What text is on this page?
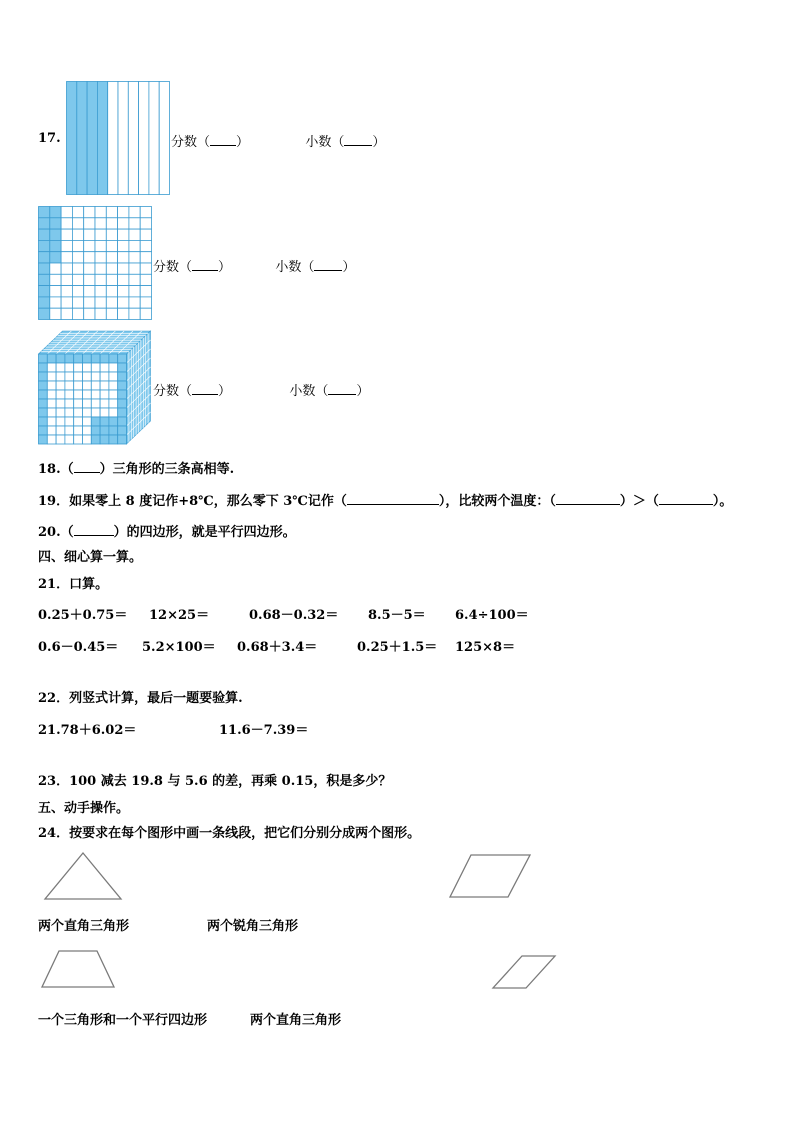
17.	分数（ ）	小数（ ）
分数（ ）	小数（ ）
分数（ ）	小数（ ）
18.（ ）三角形的三条高相等.
19．如果零上 8 度记作+8℃，那么零下 3℃记作（	），比较两个温度：（	）＞（	）。
20.（	）的四边形，就是平行四边形。
四、细心算一算。
21．口算。
0.25＋0.75＝ 12×25＝	0.68－0.32＝ 8.5－5＝ 6.4÷100＝
0.6－0.45＝ 5.2×100＝ 0.68＋3.4＝	0.25＋1.5＝ 125×8＝
22．列竖式计算，最后一题要验算.
21.78＋6.02＝	11.6－7.39＝
23．100 减去 19.8 与 5.6 的差，再乘 0.15，积是多少？
五、动手操作。
24．按要求在每个图形中画一条线段，把它们分别分成两个图形。
两个直角三角形	两个锐角三角形
一个三角形和一个平行四边形	两个直角三角形
